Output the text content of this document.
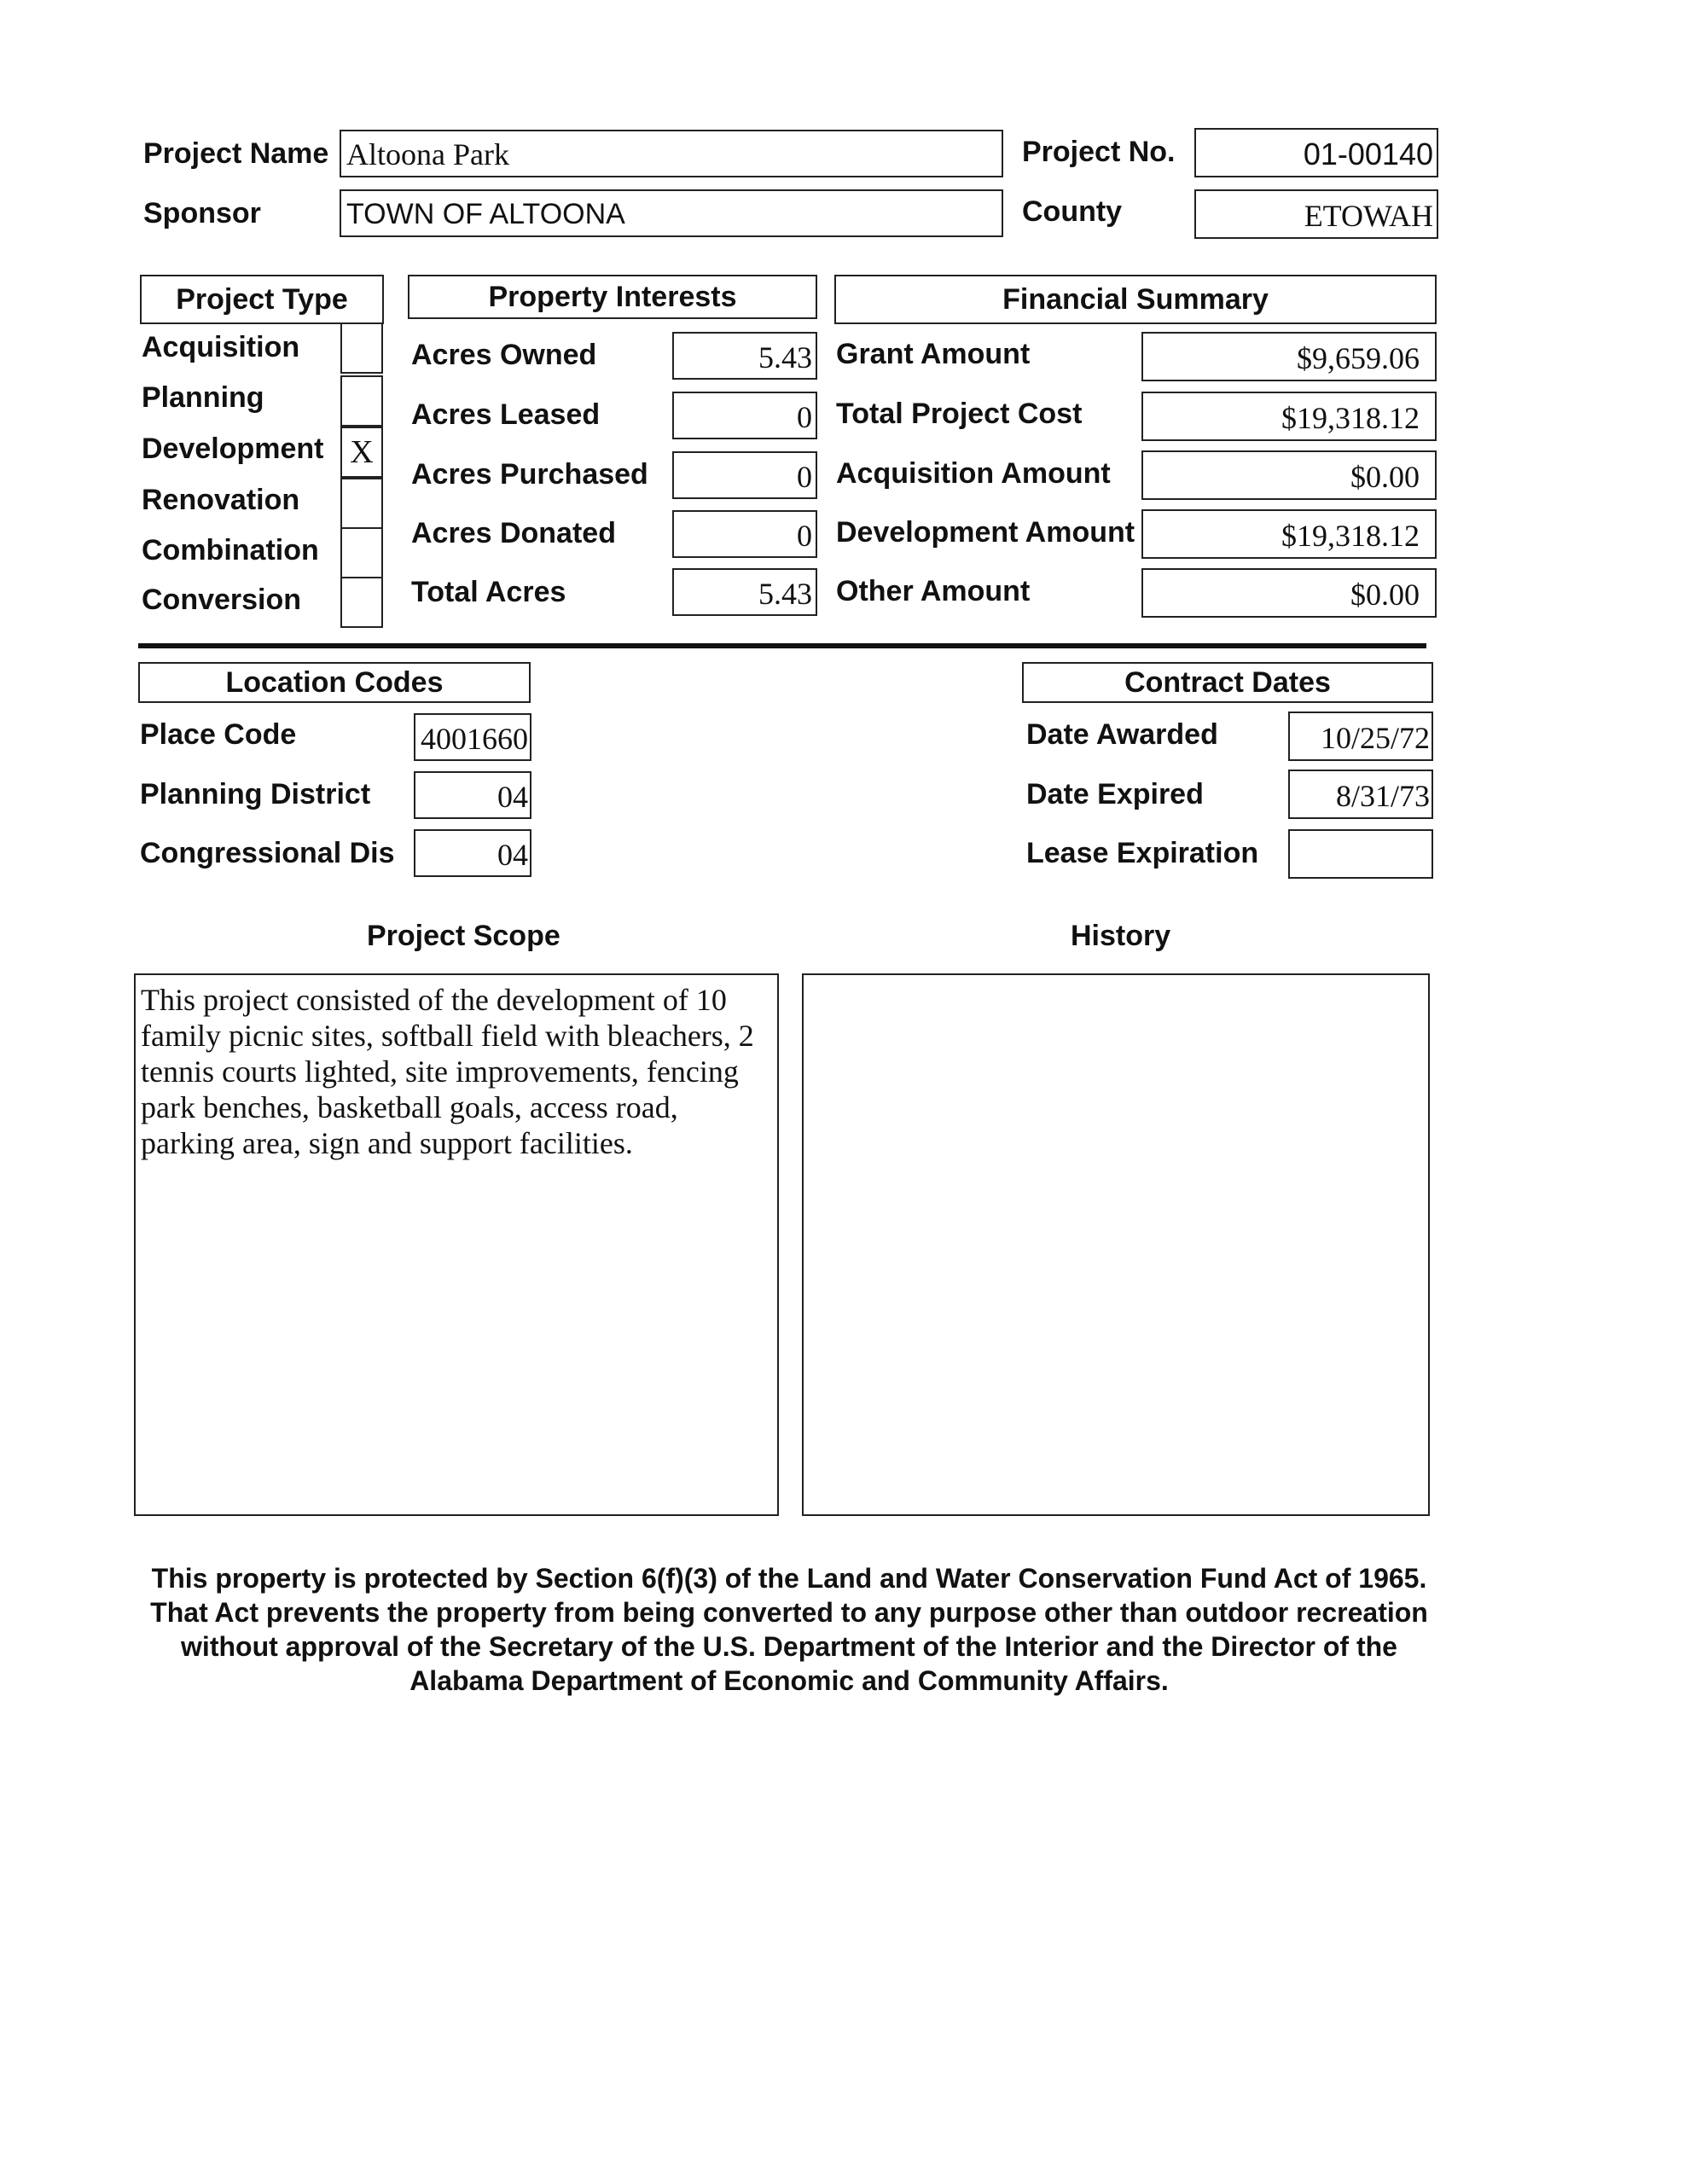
Project Name Altoona Park	Project No.	01-00140
Sponsor	TOWN OF ALTOONA	County	ETOWAH
Project Type	Property Interests	Financial Summary
Acquisition
Planning
Development X
Renovation
Combination
Conversion
Acres Owned	5.43
Acres Leased	0
Acres Purchased	0
Acres Donated	0
Total Acres	5.43
Grant Amount	$9,659.06
Total Project Cost	$19,318.12
Acquisition Amount	$0.00
Development Amount	$19,318.12
Other Amount	$0.00
Location Codes
Place Code	4001660
Planning District	04
Congressional Dis	04
Contract Dates
Date Awarded	10/25/72
Date Expired	8/31/73
Lease Expiration
Project Scope	History
This project consisted of the development of 10 family picnic sites, softball field with bleachers, 2 tennis courts lighted, site improvements, fencing park benches, basketball goals, access road, parking area, sign and support facilities.
This property is protected by Section 6(f)(3) of the Land and Water Conservation Fund Act of 1965. That Act prevents the property from being converted to any purpose other than outdoor recreation without approval of the Secretary of the U.S. Department of the Interior and the Director of the Alabama Department of Economic and Community Affairs.
